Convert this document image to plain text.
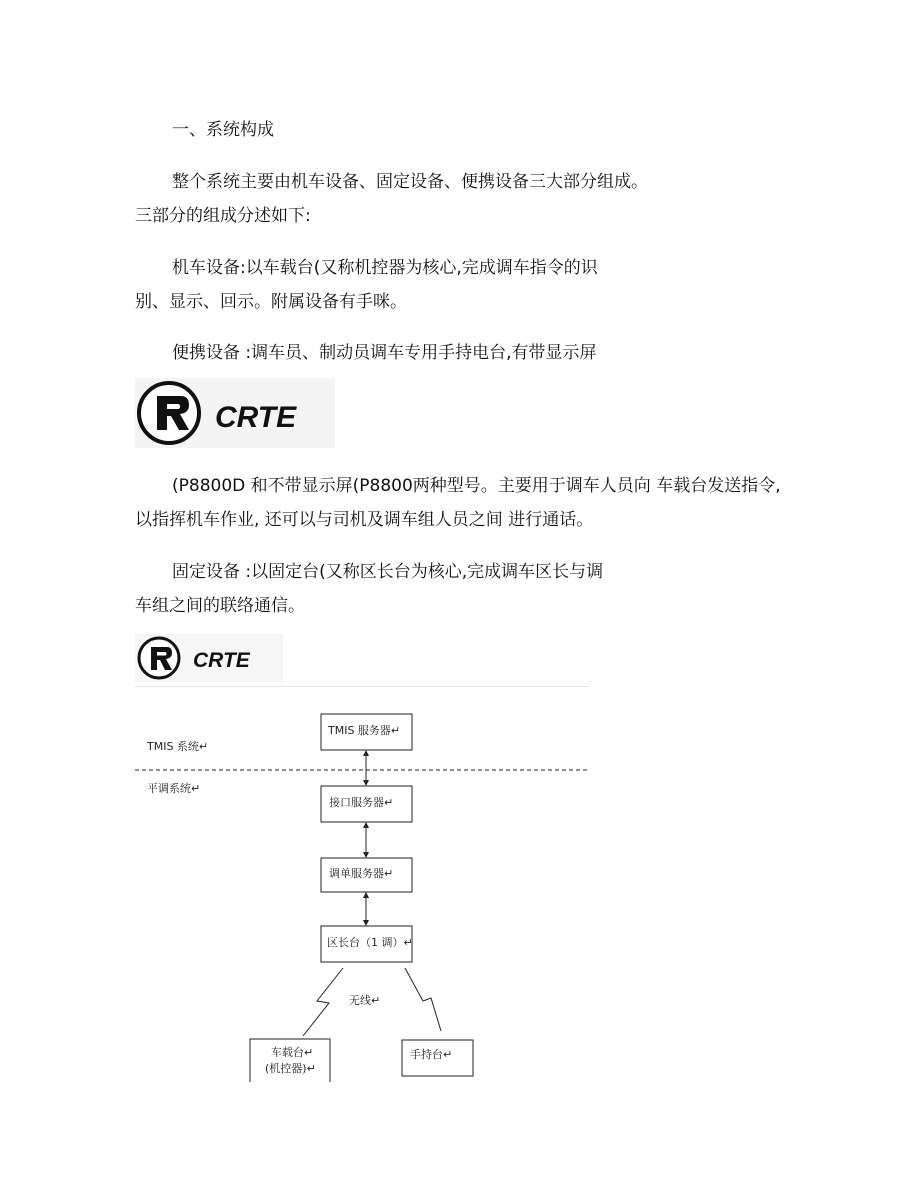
一、系统构成
整个系统主要由机车设备、固定设备、便携设备三大部分组成。
三部分的组成分述如下:
机车设备:以车载台(又称机控器为核心,完成调车指令的识
别、显示、回示。附属设备有手咪。
便携设备 :调车员、制动员调车专用手持电台,有带显示屏
CRTE
(P8800D 和不带显示屏(P8800两种型号。主要用于调车人员向 车载台发送指令,
以指挥机车作业, 还可以与司机及调车组人员之间 进行通话。
固定设备 :以固定台(又称区长台为核心,完成调车区长与调
车组之间的联络通信。
CRTE
TMIS 系统↵
平调系统↵
TMIS 服务器↵
接口服务器↵
调单服务器↵
区长台（1 调）↵
无线↵
车载台↵
(机控器)↵
手持台↵
